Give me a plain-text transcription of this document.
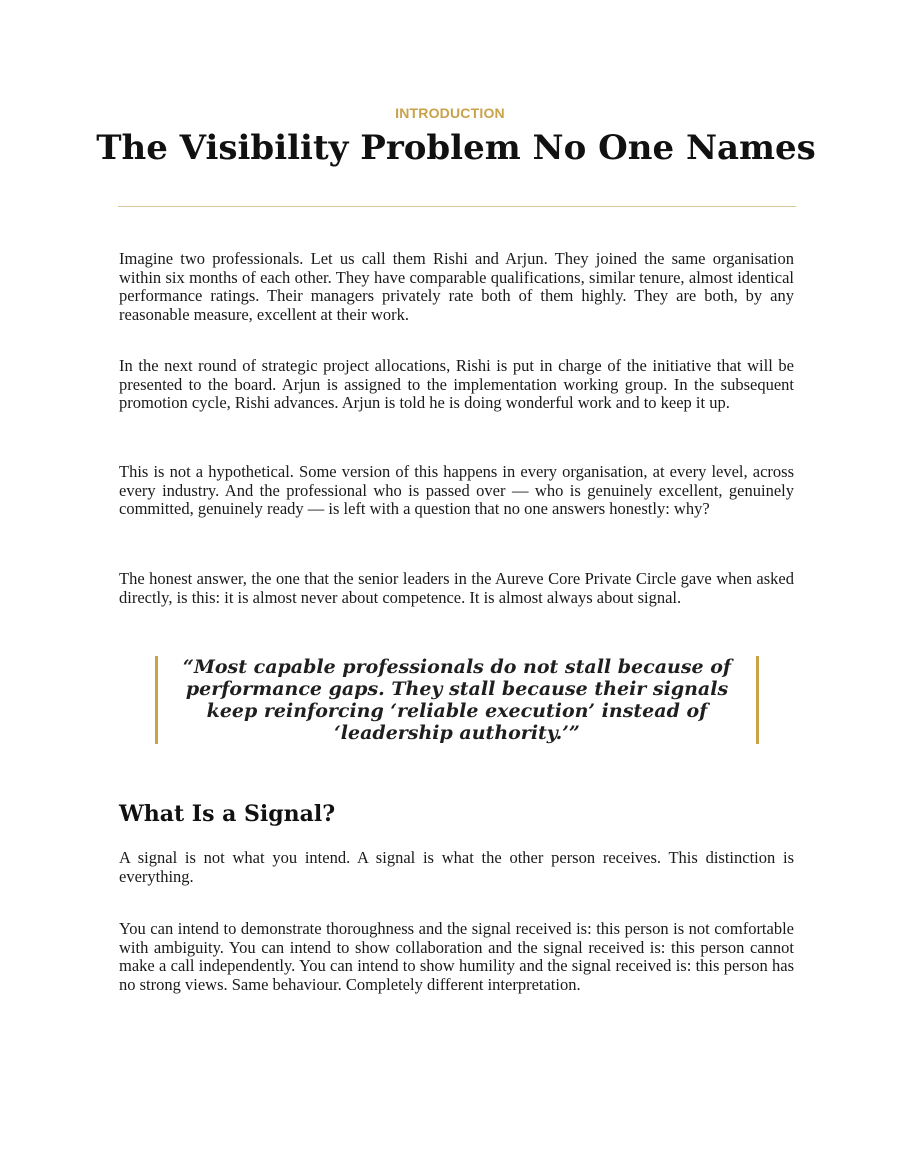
INTRODUCTION
The Visibility Problem No One Names

Imagine two professionals. Let us call them Rishi and Arjun. They joined the same organisation within six months of each other. They have comparable qualifications, similar tenure, almost identical performance ratings. Their managers privately rate both of them highly. They are both, by any reasonable measure, excellent at their work.

In the next round of strategic project allocations, Rishi is put in charge of the initiative that will be presented to the board. Arjun is assigned to the implementation working group. In the subsequent promotion cycle, Rishi advances. Arjun is told he is doing wonderful work and to keep it up.

This is not a hypothetical. Some version of this happens in every organisation, at every level, across every industry. And the professional who is passed over — who is genuinely excellent, genuinely committed, genuinely ready — is left with a question that no one answers honestly: why?

The honest answer, the one that the senior leaders in the Aureve Core Private Circle gave when asked directly, is this: it is almost never about competence. It is almost always about signal.

“Most capable professionals do not stall because of performance gaps. They stall because their signals keep reinforcing ‘reliable execution’ instead of ‘leadership authority.’”
What Is a Signal?

A signal is not what you intend. A signal is what the other person receives. This distinction is everything.

You can intend to demonstrate thoroughness and the signal received is: this person is not comfortable with ambiguity. You can intend to show collaboration and the signal received is: this person cannot make a call independently. You can intend to show humility and the signal received is: this person has no strong views. Same behaviour. Completely different interpretation.
